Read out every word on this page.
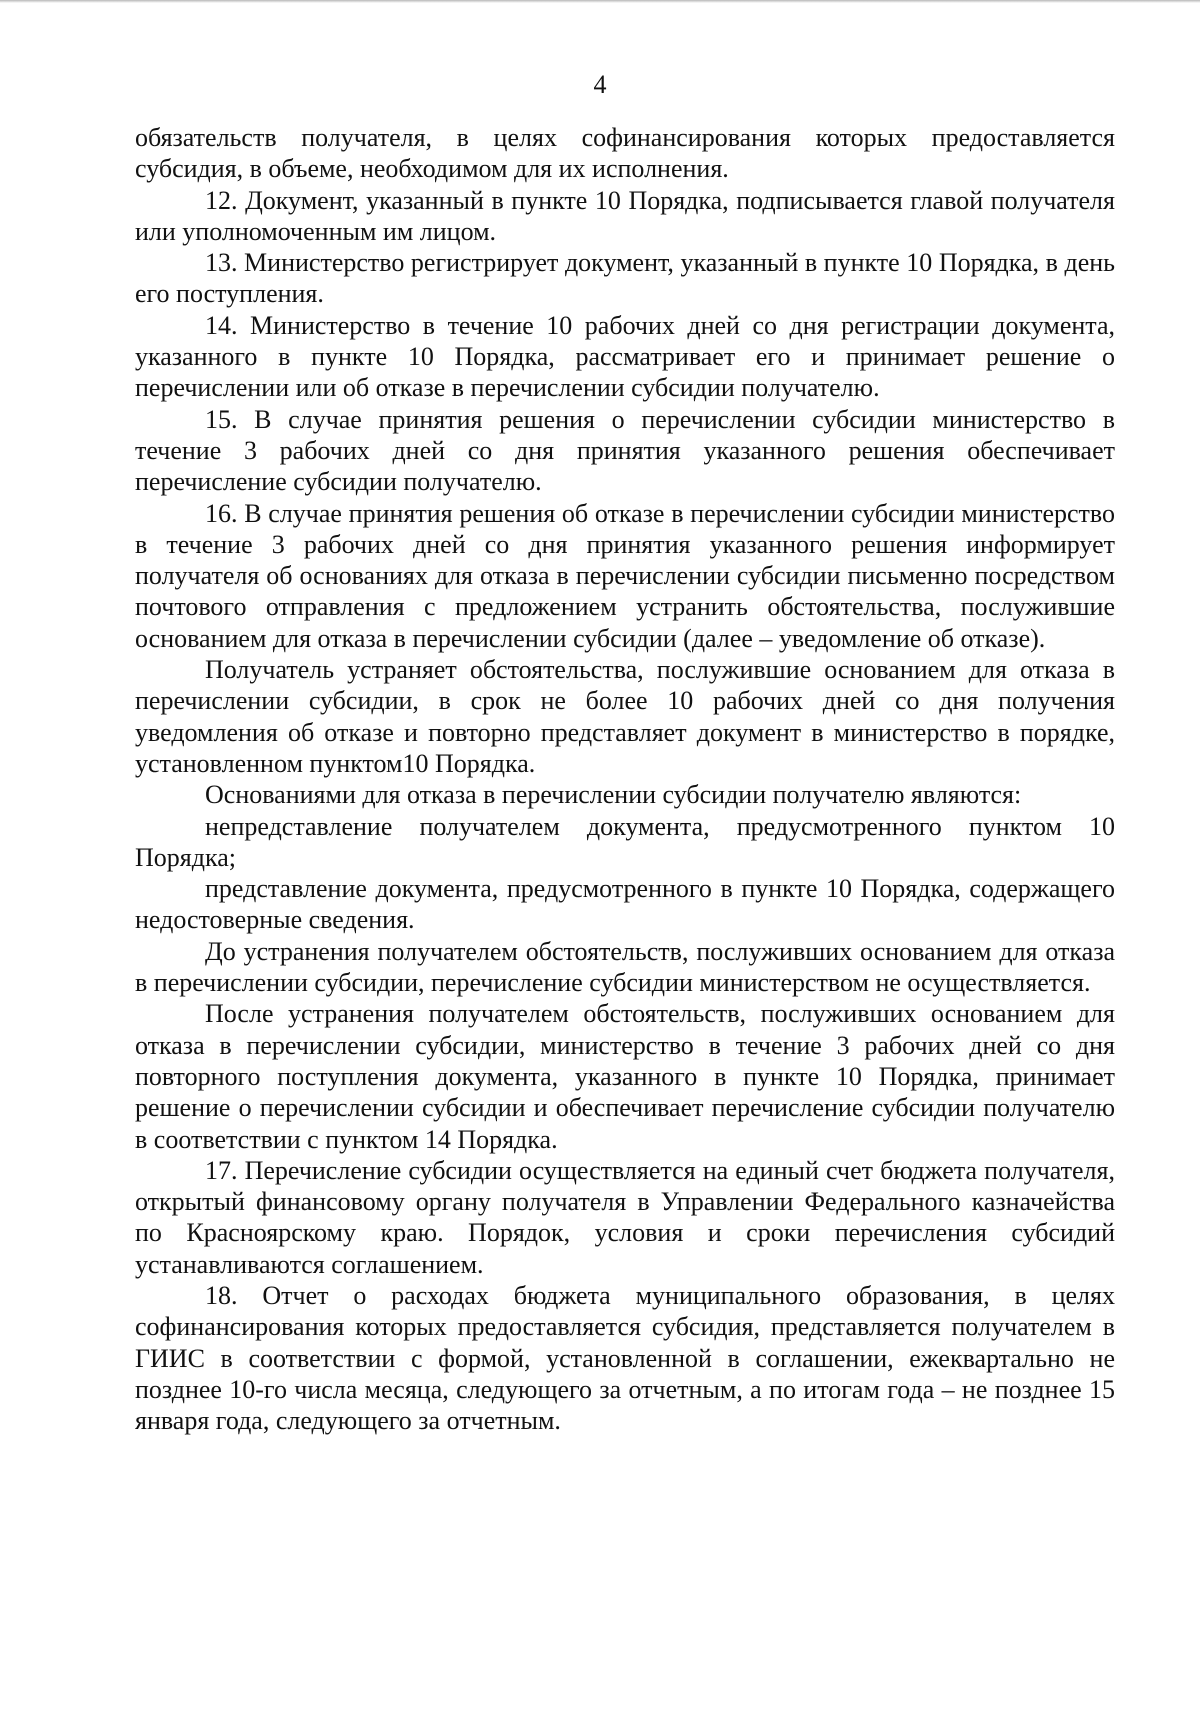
4

обязательств получателя, в целях софинансирования которых предоставляется субсидия, в объеме, необходимом для их исполнения.

12. Документ, указанный в пункте 10 Порядка, подписывается главой получателя или уполномоченным им лицом.

13. Министерство регистрирует документ, указанный в пункте 10 Порядка, в день его поступления.

14. Министерство в течение 10 рабочих дней со дня регистрации документа, указанного в пункте 10 Порядка, рассматривает его и принимает решение о перечислении или об отказе в перечислении субсидии получателю.

15. В случае принятия решения о перечислении субсидии министерство в течение 3 рабочих дней со дня принятия указанного решения обеспечивает перечисление субсидии получателю.

16. В случае принятия решения об отказе в перечислении субсидии министерство в течение 3 рабочих дней со дня принятия указанного решения информирует получателя об основаниях для отказа в перечислении субсидии письменно посредством почтового отправления с предложением устранить обстоятельства, послужившие основанием для отказа в перечислении субсидии (далее – уведомление об отказе).

Получатель устраняет обстоятельства, послужившие основанием для отказа в перечислении субсидии, в срок не более 10 рабочих дней со дня получения уведомления об отказе и повторно представляет документ в министерство в порядке, установленном пунктом10 Порядка.

Основаниями для отказа в перечислении субсидии получателю являются:

непредставление получателем документа, предусмотренного пунктом 10 Порядка;

представление документа, предусмотренного в пункте 10 Порядка, содержащего недостоверные сведения.

До устранения получателем обстоятельств, послуживших основанием для отказа в перечислении субсидии, перечисление субсидии министерством не осуществляется.

После устранения получателем обстоятельств, послуживших основанием для отказа в перечислении субсидии, министерство в течение 3 рабочих дней со дня повторного поступления документа, указанного в пункте 10 Порядка, принимает решение о перечислении субсидии и обеспечивает перечисление субсидии получателю в соответствии с пунктом 14 Порядка.

17. Перечисление субсидии осуществляется на единый счет бюджета получателя, открытый финансовому органу получателя в Управлении Федерального казначейства по Красноярскому краю. Порядок, условия и сроки перечисления субсидий устанавливаются соглашением.

18. Отчет о расходах бюджета муниципального образования, в целях софинансирования которых предоставляется субсидия, представляется получателем в ГИИС в соответствии с формой, установленной в соглашении, ежеквартально не позднее 10-го числа месяца, следующего за отчетным, а по итогам года – не позднее 15 января года, следующего за отчетным.
